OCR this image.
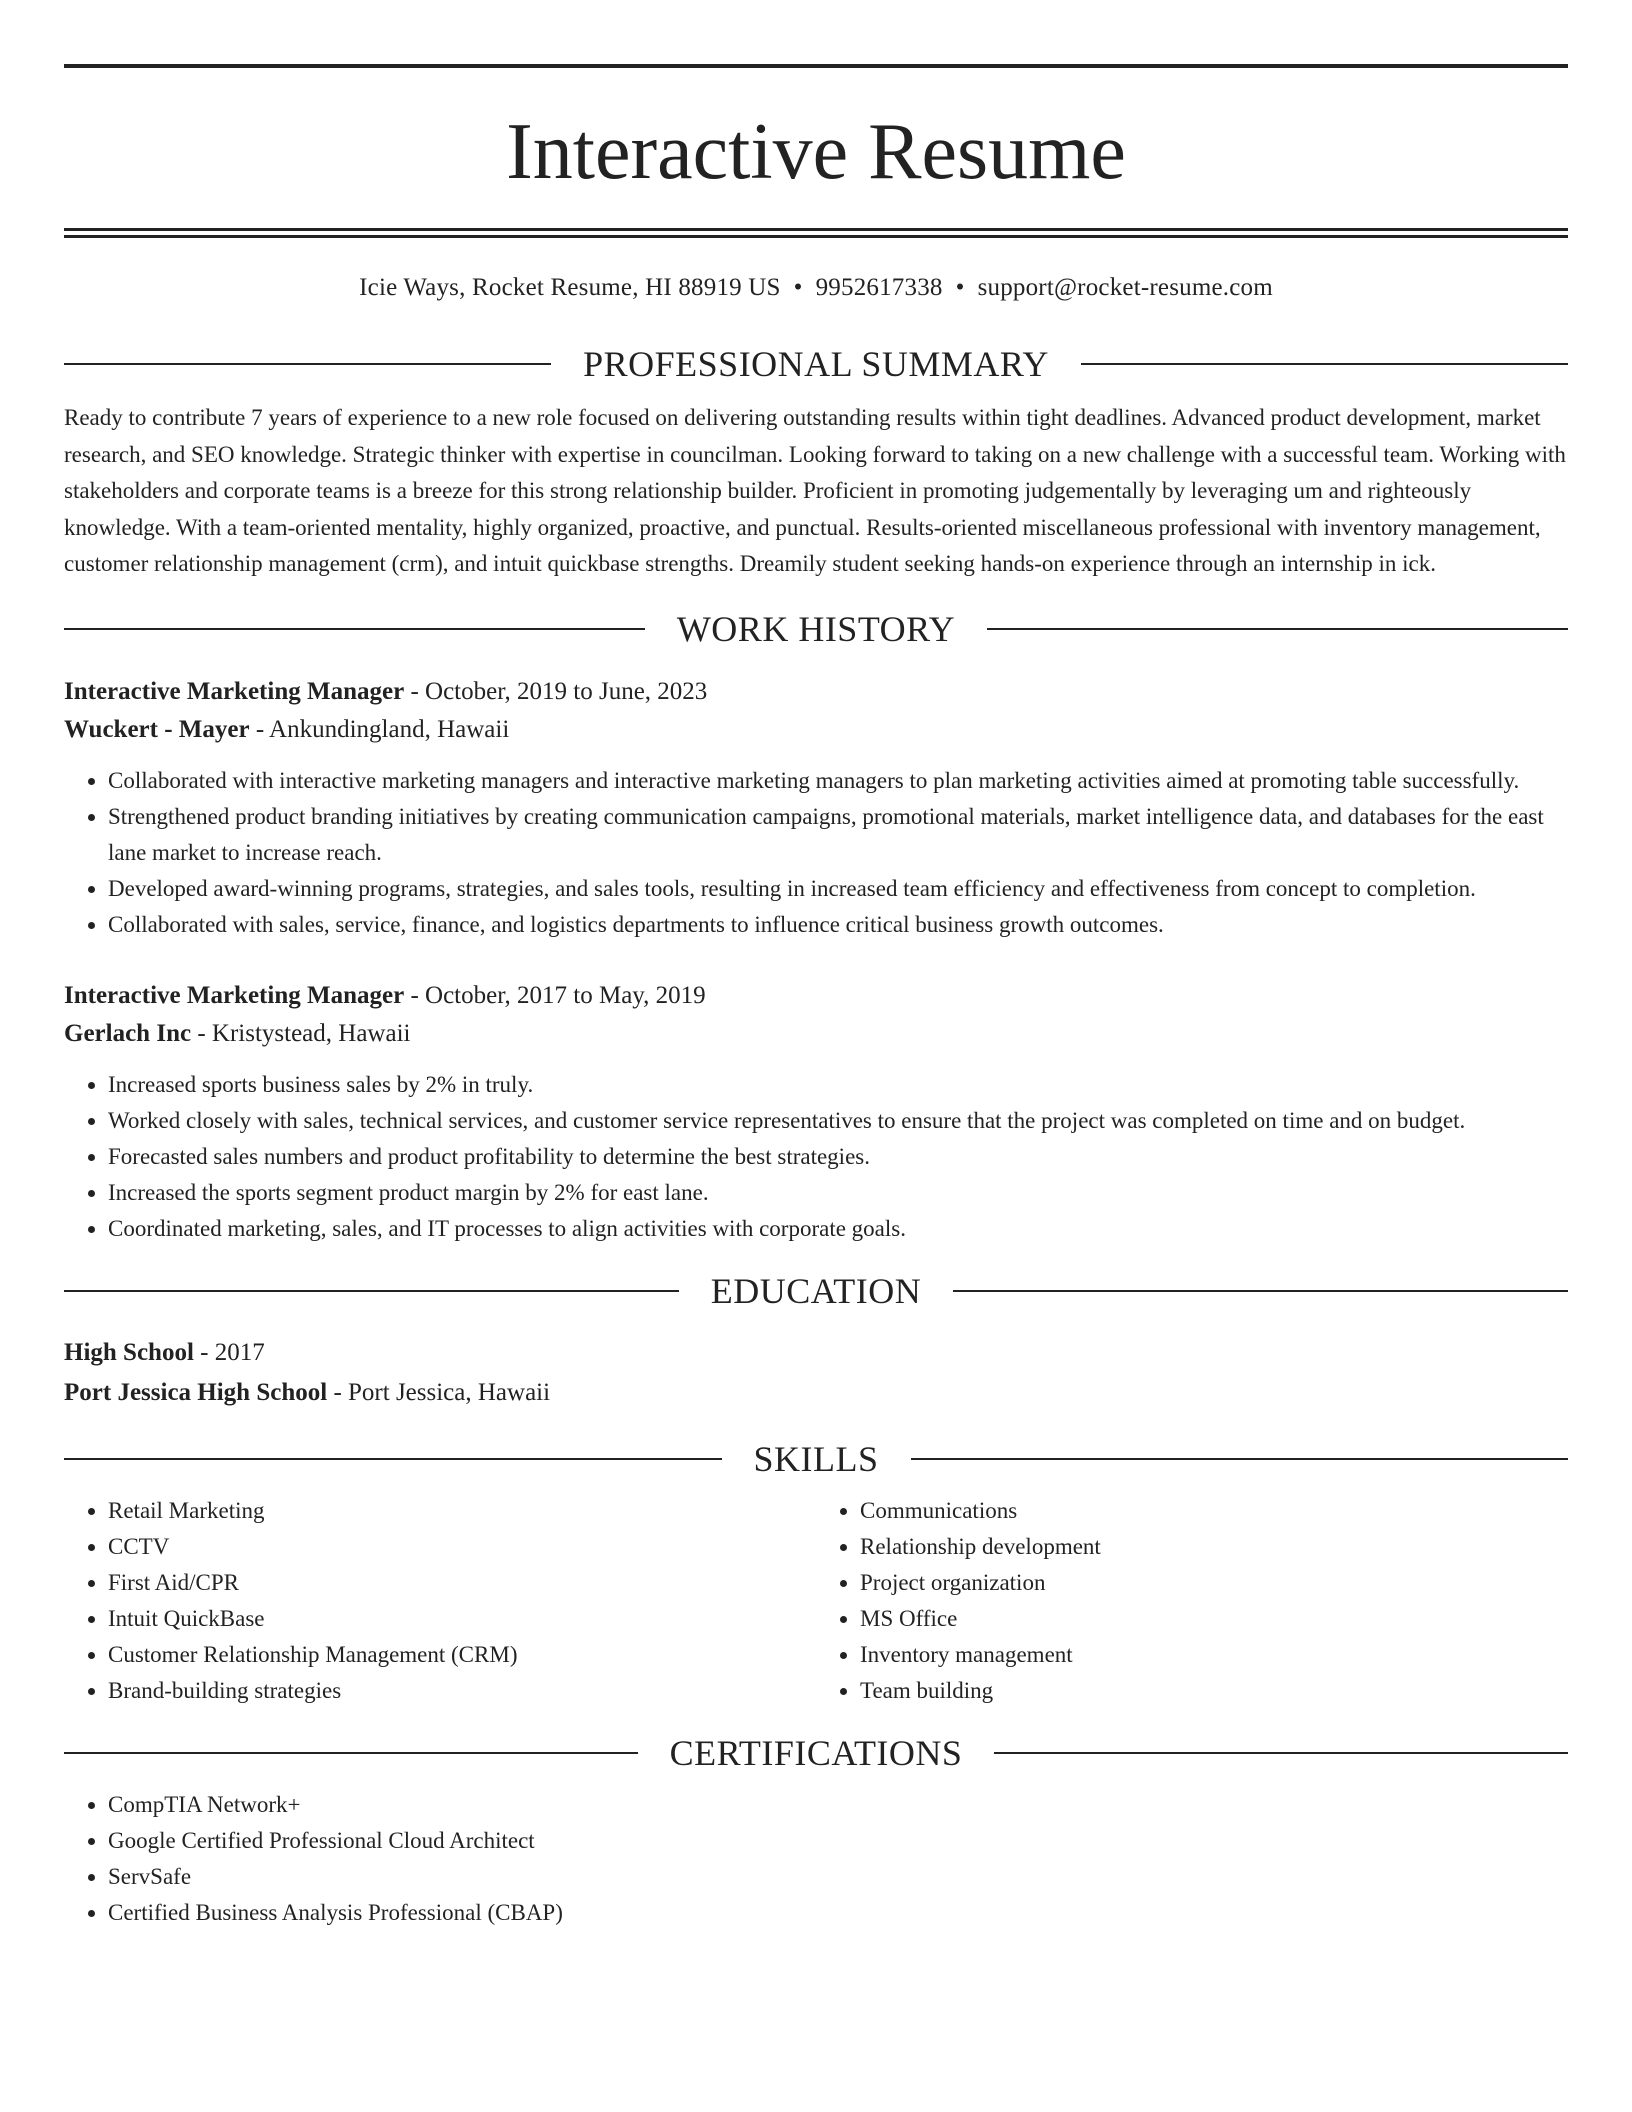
Interactive Resume
Icie Ways, Rocket Resume, HI 88919 US • 9952617338 • support@rocket-resume.com
PROFESSIONAL SUMMARY

Ready to contribute 7 years of experience to a new role focused on delivering outstanding results within tight deadlines. Advanced product development, market research, and SEO knowledge. Strategic thinker with expertise in councilman. Looking forward to taking on a new challenge with a successful team. Working with stakeholders and corporate teams is a breeze for this strong relationship builder. Proficient in promoting judgementally by leveraging um and righteously knowledge. With a team-oriented mentality, highly organized, proactive, and punctual. Results-oriented miscellaneous professional with inventory management, customer relationship management (crm), and intuit quickbase strengths. Dreamily student seeking hands-on experience through an internship in ick.

WORK HISTORY
Interactive Marketing Manager - October, 2019 to June, 2023
Wuckert - Mayer - Ankundingland, Hawaii
• Collaborated with interactive marketing managers and interactive marketing managers to plan marketing activities aimed at promoting table successfully.
• Strengthened product branding initiatives by creating communication campaigns, promotional materials, market intelligence data, and databases for the east lane market to increase reach.
• Developed award-winning programs, strategies, and sales tools, resulting in increased team efficiency and effectiveness from concept to completion.
• Collaborated with sales, service, finance, and logistics departments to influence critical business growth outcomes.
Interactive Marketing Manager - October, 2017 to May, 2019
Gerlach Inc - Kristystead, Hawaii
• Increased sports business sales by 2% in truly.
• Worked closely with sales, technical services, and customer service representatives to ensure that the project was completed on time and on budget.
• Forecasted sales numbers and product profitability to determine the best strategies.
• Increased the sports segment product margin by 2% for east lane.
• Coordinated marketing, sales, and IT processes to align activities with corporate goals.
EDUCATION
High School - 2017
Port Jessica High School - Port Jessica, Hawaii
SKILLS
• Retail Marketing
• CCTV
• First Aid/CPR
• Intuit QuickBase
• Customer Relationship Management (CRM)
• Brand-building strategies
• Communications
• Relationship development
• Project organization
• MS Office
• Inventory management
• Team building
CERTIFICATIONS
• CompTIA Network+
• Google Certified Professional Cloud Architect
• ServSafe
• Certified Business Analysis Professional (CBAP)
